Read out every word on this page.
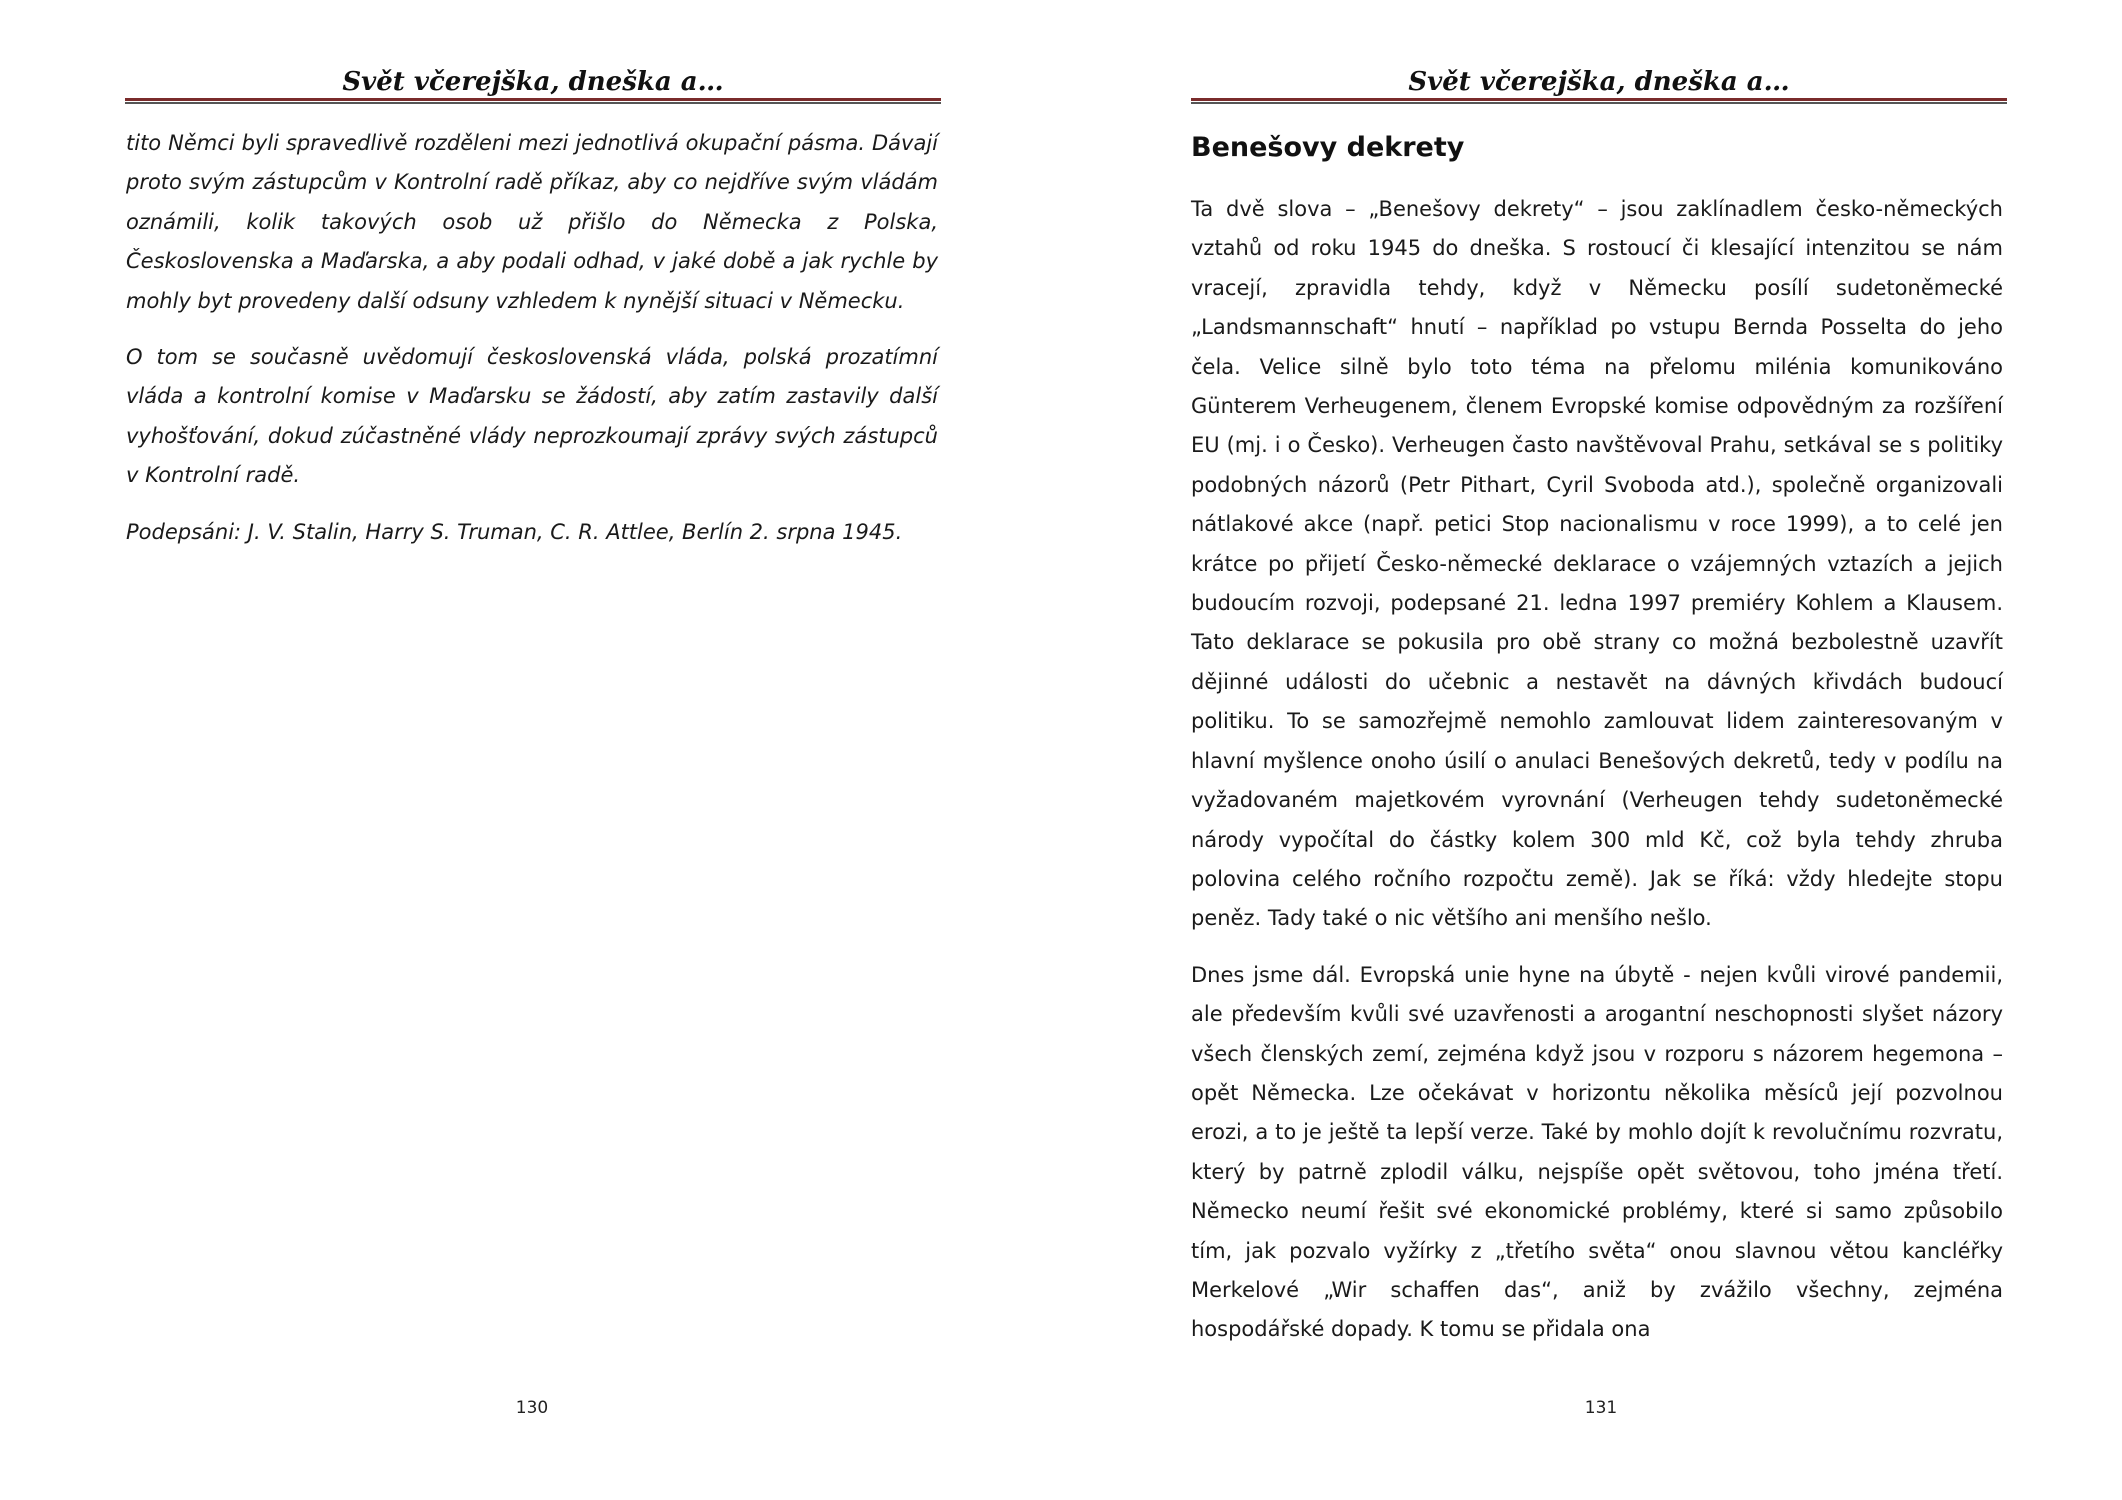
Svět včerejška, dneška a…

tito Němci byli spravedlivě rozděleni mezi jednotlivá okupační pásma. Dávají proto svým zástupcům v Kontrolní radě příkaz, aby co nejdříve svým vládám oznámili, kolik takových osob už přišlo do Německa z Polska, Československa a Maďarska, a aby podali odhad, v jaké době a jak rychle by mohly byt provedeny další odsuny vzhledem k nynější situaci v Německu.

O tom se současně uvědomují československá vláda, polská prozatímní vláda a kontrolní komise v Maďarsku se žádostí, aby zatím zastavily další vyhošťování, dokud zúčastněné vlády neprozkoumají zprávy svých zástupců v Kontrolní radě.

Podepsáni: J. V. Stalin, Harry S. Truman, C. R. Attlee, Berlín 2. srpna 1945.

130
Svět včerejška, dneška a…
Benešovy dekrety

Ta dvě slova – „Benešovy dekrety“ – jsou zaklínadlem česko-německých vztahů od roku 1945 do dneška. S rostoucí či klesající intenzitou se nám vracejí, zpravidla tehdy, když v Německu posílí sudetoněmecké „Landsmannschaft“ hnutí – například po vstupu Bernda Posselta do jeho čela. Velice silně bylo toto téma na přelomu milénia komunikováno Günterem Verheugenem, členem Evropské komise odpovědným za rozšíření EU (mj. i o Česko). Verheugen často navštěvoval Prahu, setkával se s politiky podobných názorů (Petr Pithart, Cyril Svoboda atd.), společně organizovali nátlakové akce (např. petici Stop nacionalismu v roce 1999), a to celé jen krátce po přijetí Česko-německé deklarace o vzájemných vztazích a jejich budoucím rozvoji, podepsané 21. ledna 1997 premiéry Kohlem a Klausem. Tato deklarace se pokusila pro obě strany co možná bezbolestně uzavřít dějinné události do učebnic a nestavět na dávných křivdách budoucí politiku. To se samozřejmě nemohlo zamlouvat lidem zainteresovaným v hlavní myšlence onoho úsilí o anulaci Benešových dekretů, tedy v podílu na vyžadovaném majetkovém vyrovnání (Verheugen tehdy sudetoněmecké národy vypočítal do částky kolem 300 mld Kč, což byla tehdy zhruba polovina celého ročního rozpočtu země). Jak se říká: vždy hledejte stopu peněz. Tady také o nic většího ani menšího nešlo.

Dnes jsme dál. Evropská unie hyne na úbytě - nejen kvůli virové pandemii, ale především kvůli své uzavřenosti a arogantní neschopnosti slyšet názory všech členských zemí, zejména když jsou v rozporu s názorem hegemona – opět Německa. Lze očekávat v horizontu několika měsíců její pozvolnou erozi, a to je ještě ta lepší verze. Také by mohlo dojít k revolučnímu rozvratu, který by patrně zplodil válku, nejspíše opět světovou, toho jména třetí. Německo neumí řešit své ekonomické problémy, které si samo způsobilo tím, jak pozvalo vyžírky z „třetího světa“ onou slavnou větou kancléřky Merkelové „Wir schaffen das“, aniž by zvážilo všechny, zejména hospodářské dopady. K tomu se přidala ona

131
